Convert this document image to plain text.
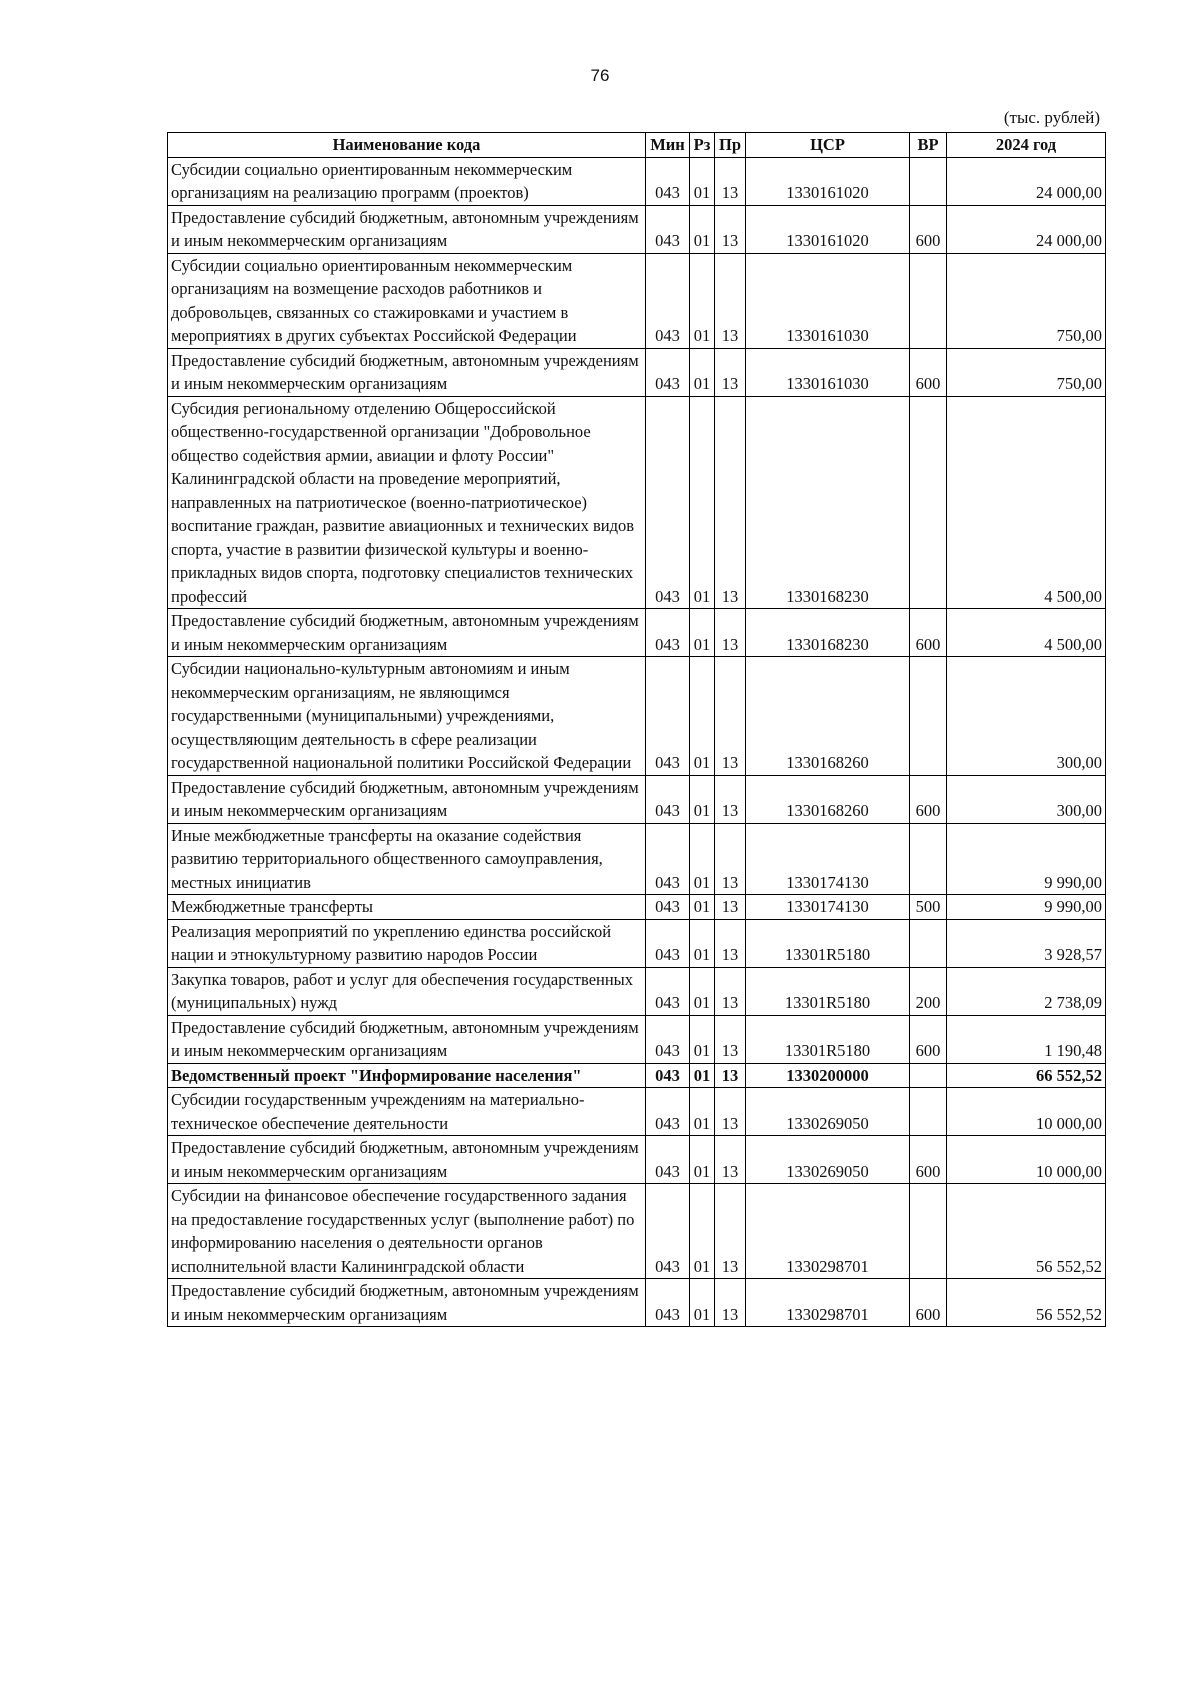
76
(тыс. рублей)
Наименование кода	Мин	Рз	Пр	ЦСР	ВР	2024 год
Субсидии социально ориентированным некоммерческим организациям на реализацию программ (проектов)	043	01	13	1330161020		24 000,00
Предоставление субсидий бюджетным, автономным учреждениям и иным некоммерческим организациям	043	01	13	1330161020	600	24 000,00
Субсидии социально ориентированным некоммерческим организациям на возмещение расходов работников и добровольцев, связанных со стажировками и участием в мероприятиях в других субъектах Российской Федерации	043	01	13	1330161030		750,00
Предоставление субсидий бюджетным, автономным учреждениям и иным некоммерческим организациям	043	01	13	1330161030	600	750,00
Субсидия региональному отделению Общероссийской общественно-государственной организации "Добровольное общество содействия армии, авиации и флоту России" Калининградской области на проведение мероприятий, направленных на патриотическое (военно-патриотическое) воспитание граждан, развитие авиационных и технических видов спорта, участие в развитии физической культуры и военно-прикладных видов спорта, подготовку специалистов технических профессий	043	01	13	1330168230		4 500,00
Предоставление субсидий бюджетным, автономным учреждениям и иным некоммерческим организациям	043	01	13	1330168230	600	4 500,00
Субсидии национально-культурным автономиям и иным некоммерческим организациям, не являющимся государственными (муниципальными) учреждениями, осуществляющим деятельность в сфере реализации государственной национальной политики Российской Федерации	043	01	13	1330168260		300,00
Предоставление субсидий бюджетным, автономным учреждениям и иным некоммерческим организациям	043	01	13	1330168260	600	300,00
Иные межбюджетные трансферты на оказание содействия развитию территориального общественного самоуправления, местных инициатив	043	01	13	1330174130		9 990,00
Межбюджетные трансферты	043	01	13	1330174130	500	9 990,00
Реализация мероприятий по укреплению единства российской нации и этнокультурному развитию народов России	043	01	13	13301R5180		3 928,57
Закупка товаров, работ и услуг для обеспечения государственных (муниципальных) нужд	043	01	13	13301R5180	200	2 738,09
Предоставление субсидий бюджетным, автономным учреждениям и иным некоммерческим организациям	043	01	13	13301R5180	600	1 190,48
Ведомственный проект "Информирование населения"	043	01	13	1330200000		66 552,52
Субсидии государственным учреждениям на материально-техническое обеспечение деятельности	043	01	13	1330269050		10 000,00
Предоставление субсидий бюджетным, автономным учреждениям и иным некоммерческим организациям	043	01	13	1330269050	600	10 000,00
Субсидии на финансовое обеспечение государственного задания на предоставление государственных услуг (выполнение работ) по информированию населения о деятельности органов исполнительной власти Калининградской области	043	01	13	1330298701		56 552,52
Предоставление субсидий бюджетным, автономным учреждениям и иным некоммерческим организациям	043	01	13	1330298701	600	56 552,52
